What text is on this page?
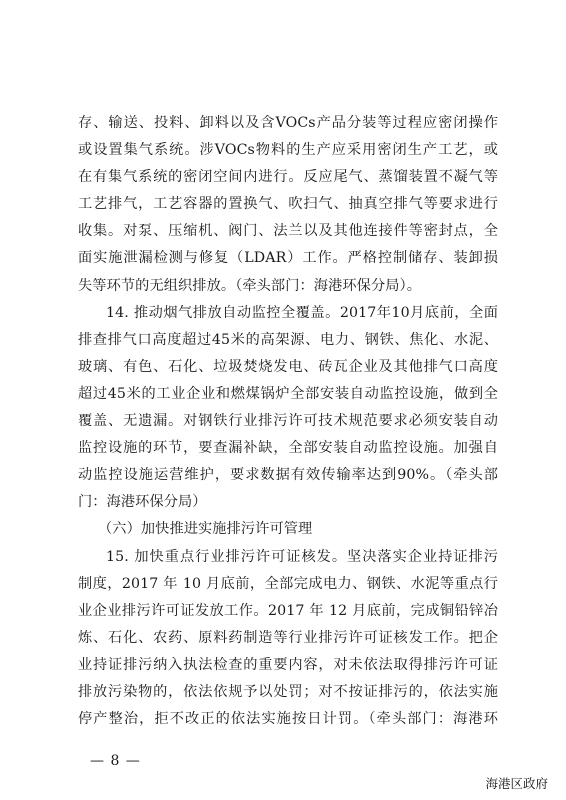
存、输送、投料、卸料以及含VOCs产品分装等过程应密闭操作
或设置集气系统。涉VOCs物料的生产应采用密闭生产工艺，或
在有集气系统的密闭空间内进行。反应尾气、蒸馏装置不凝气等
工艺排气，工艺容器的置换气、吹扫气、抽真空排气等要求进行
收集。对泵、压缩机、阀门、法兰以及其他连接件等密封点，全
面实施泄漏检测与修复（LDAR）工作。严格控制储存、装卸损
失等环节的无组织排放。（牵头部门：海港环保分局）。
14. 推动烟气排放自动监控全覆盖。2017年10月底前，全面
排查排气口高度超过45米的高架源、电力、钢铁、焦化、水泥、
玻璃、有色、石化、垃圾焚烧发电、砖瓦企业及其他排气口高度
超过45米的工业企业和燃煤锅炉全部安装自动监控设施，做到全
覆盖、无遗漏。对钢铁行业排污许可技术规范要求必须安装自动
监控设施的环节，要查漏补缺，全部安装自动监控设施。加强自
动监控设施运营维护，要求数据有效传输率达到90%。（牵头部
门：海港环保分局）
（六）加快推进实施排污许可管理
15. 加快重点行业排污许可证核发。坚决落实企业持证排污
制度，2017 年 10 月底前，全部完成电力、钢铁、水泥等重点行
业企业排污许可证发放工作。2017 年 12 月底前，完成铜铅锌冶
炼、石化、农药、原料药制造等行业排污许可证核发工作。把企
业持证排污纳入执法检查的重要内容，对未依法取得排污许可证
排放污染物的，依法依规予以处罚；对不按证排污的，依法实施
停产整治，拒不改正的依法实施按日计罚。（牵头部门：海港环
— 8 —
海港区政府
